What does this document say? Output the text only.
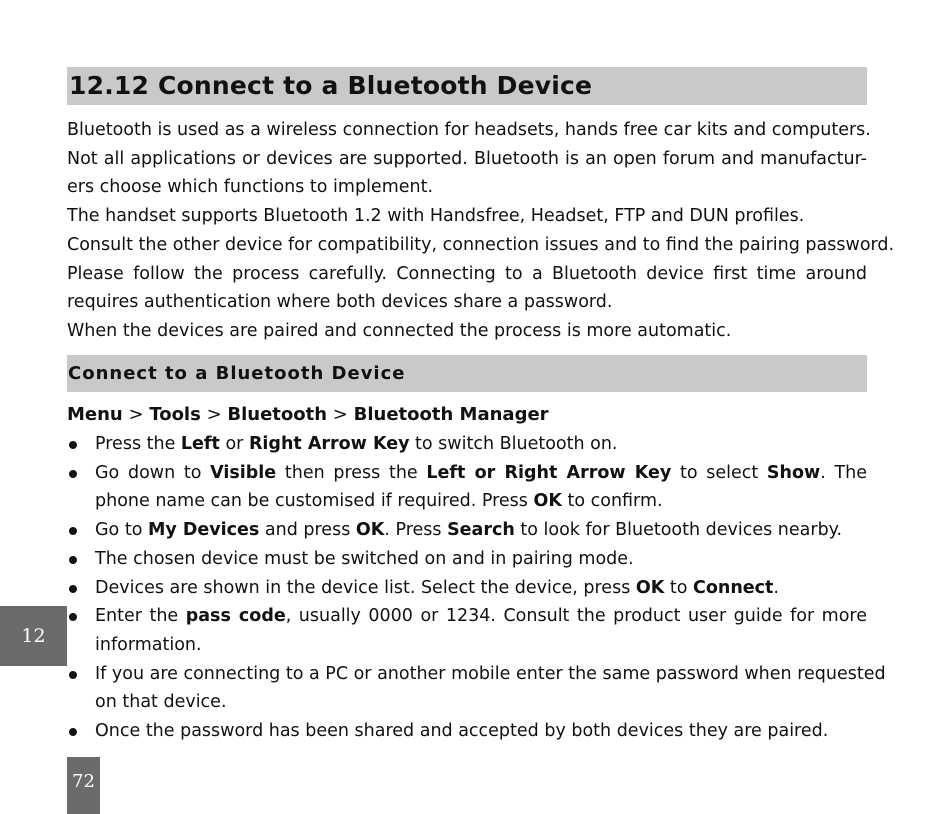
12.12 Connect to a Bluetooth Device
Bluetooth is used as a wireless connection for headsets, hands free car kits and computers.
Not all applications or devices are supported. Bluetooth is an open forum and manufactur-
ers choose which functions to implement.
The handset supports Bluetooth 1.2 with Handsfree, Headset, FTP and DUN profiles.
Consult the other device for compatibility, connection issues and to find the pairing password.
Please follow the process carefully. Connecting to a Bluetooth device first time around
requires authentication where both devices share a password.
When the devices are paired and connected the process is more automatic.
Connect to a Bluetooth Device
Menu > Tools > Bluetooth > Bluetooth Manager
Press the Left or Right Arrow Key to switch Bluetooth on.
Go down to Visible then press the Left or Right Arrow Key to select Show. The
phone name can be customised if required. Press OK to confirm.
Go to My Devices and press OK. Press Search to look for Bluetooth devices nearby.
The chosen device must be switched on and in pairing mode.
Devices are shown in the device list. Select the device, press OK to Connect.
Enter the pass code, usually 0000 or 1234. Consult the product user guide for more
information.
If you are connecting to a PC or another mobile enter the same password when requested
on that device.
Once the password has been shared and accepted by both devices they are paired.
12
72
